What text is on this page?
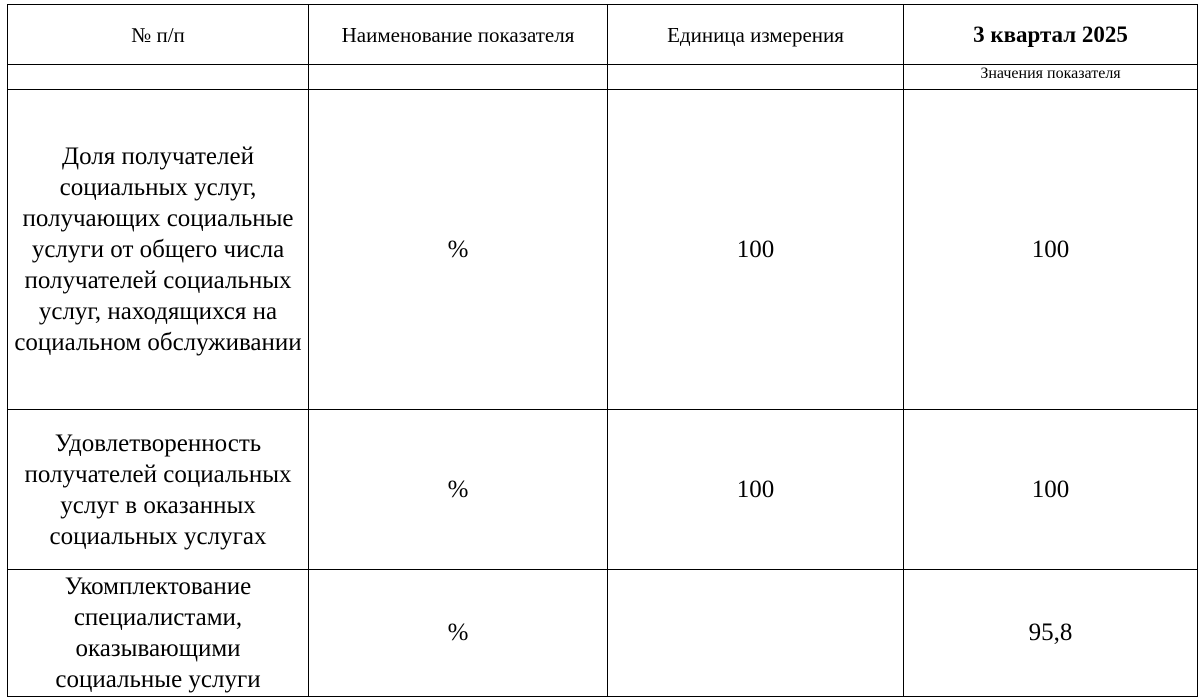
№ п/п	Наименование показателя	Единица измерения	3 квартал 2025
			Значения показателя
Доля получателей социальных услуг, получающих социальные услуги от общего числа получателей социальных услуг, находящихся на социальном обслуживании	%	100	100
Удовлетворенность получателей социальных услуг в оказанных социальных услугах	%	100	100
Укомплектование специалистами, оказывающими социальные услуги	%		95,8
